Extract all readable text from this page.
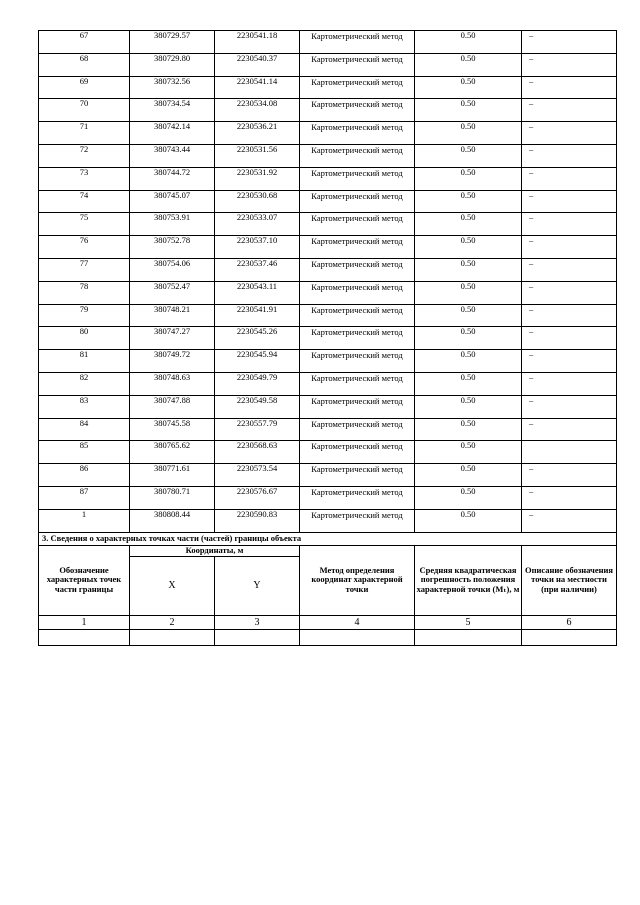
67	380729.57	2230541.18	Картометрический метод	0.50	–
68	380729.80	2230540.37	Картометрический метод	0.50	–
69	380732.56	2230541.14	Картометрический метод	0.50	–
70	380734.54	2230534.08	Картометрический метод	0.50	–
71	380742.14	2230536.21	Картометрический метод	0.50	–
72	380743.44	2230531.56	Картометрический метод	0.50	–
73	380744.72	2230531.92	Картометрический метод	0.50	–
74	380745.07	2230530.68	Картометрический метод	0.50	–
75	380753.91	2230533.07	Картометрический метод	0.50	–
76	380752.78	2230537.10	Картометрический метод	0.50	–
77	380754.06	2230537.46	Картометрический метод	0.50	–
78	380752.47	2230543.11	Картометрический метод	0.50	–
79	380748.21	2230541.91	Картометрический метод	0.50	–
80	380747.27	2230545.26	Картометрический метод	0.50	–
81	380749.72	2230545.94	Картометрический метод	0.50	–
82	380748.63	2230549.79	Картометрический метод	0.50	–
83	380747.88	2230549.58	Картометрический метод	0.50	–
84	380745.58	2230557.79	Картометрический метод	0.50	–
85	380765.62	2230568.63	Картометрический метод	0.50	
86	380771.61	2230573.54	Картометрический метод	0.50	–
87	380780.71	2230576.67	Картометрический метод	0.50	–
1	380808.44	2230590.83	Картометрический метод	0.50	–
3. Сведения о характерных точках части (частей) границы объекта					
Обозначение характерных точек части границы	Координаты, м		Метод определения координат характерной точки	Средняя квадратическая погрешность положения характерной точки (Mₜ), м	Описание обозначения точки на местности (при наличии)
	X	Y			
1	2	3	4	5	6
